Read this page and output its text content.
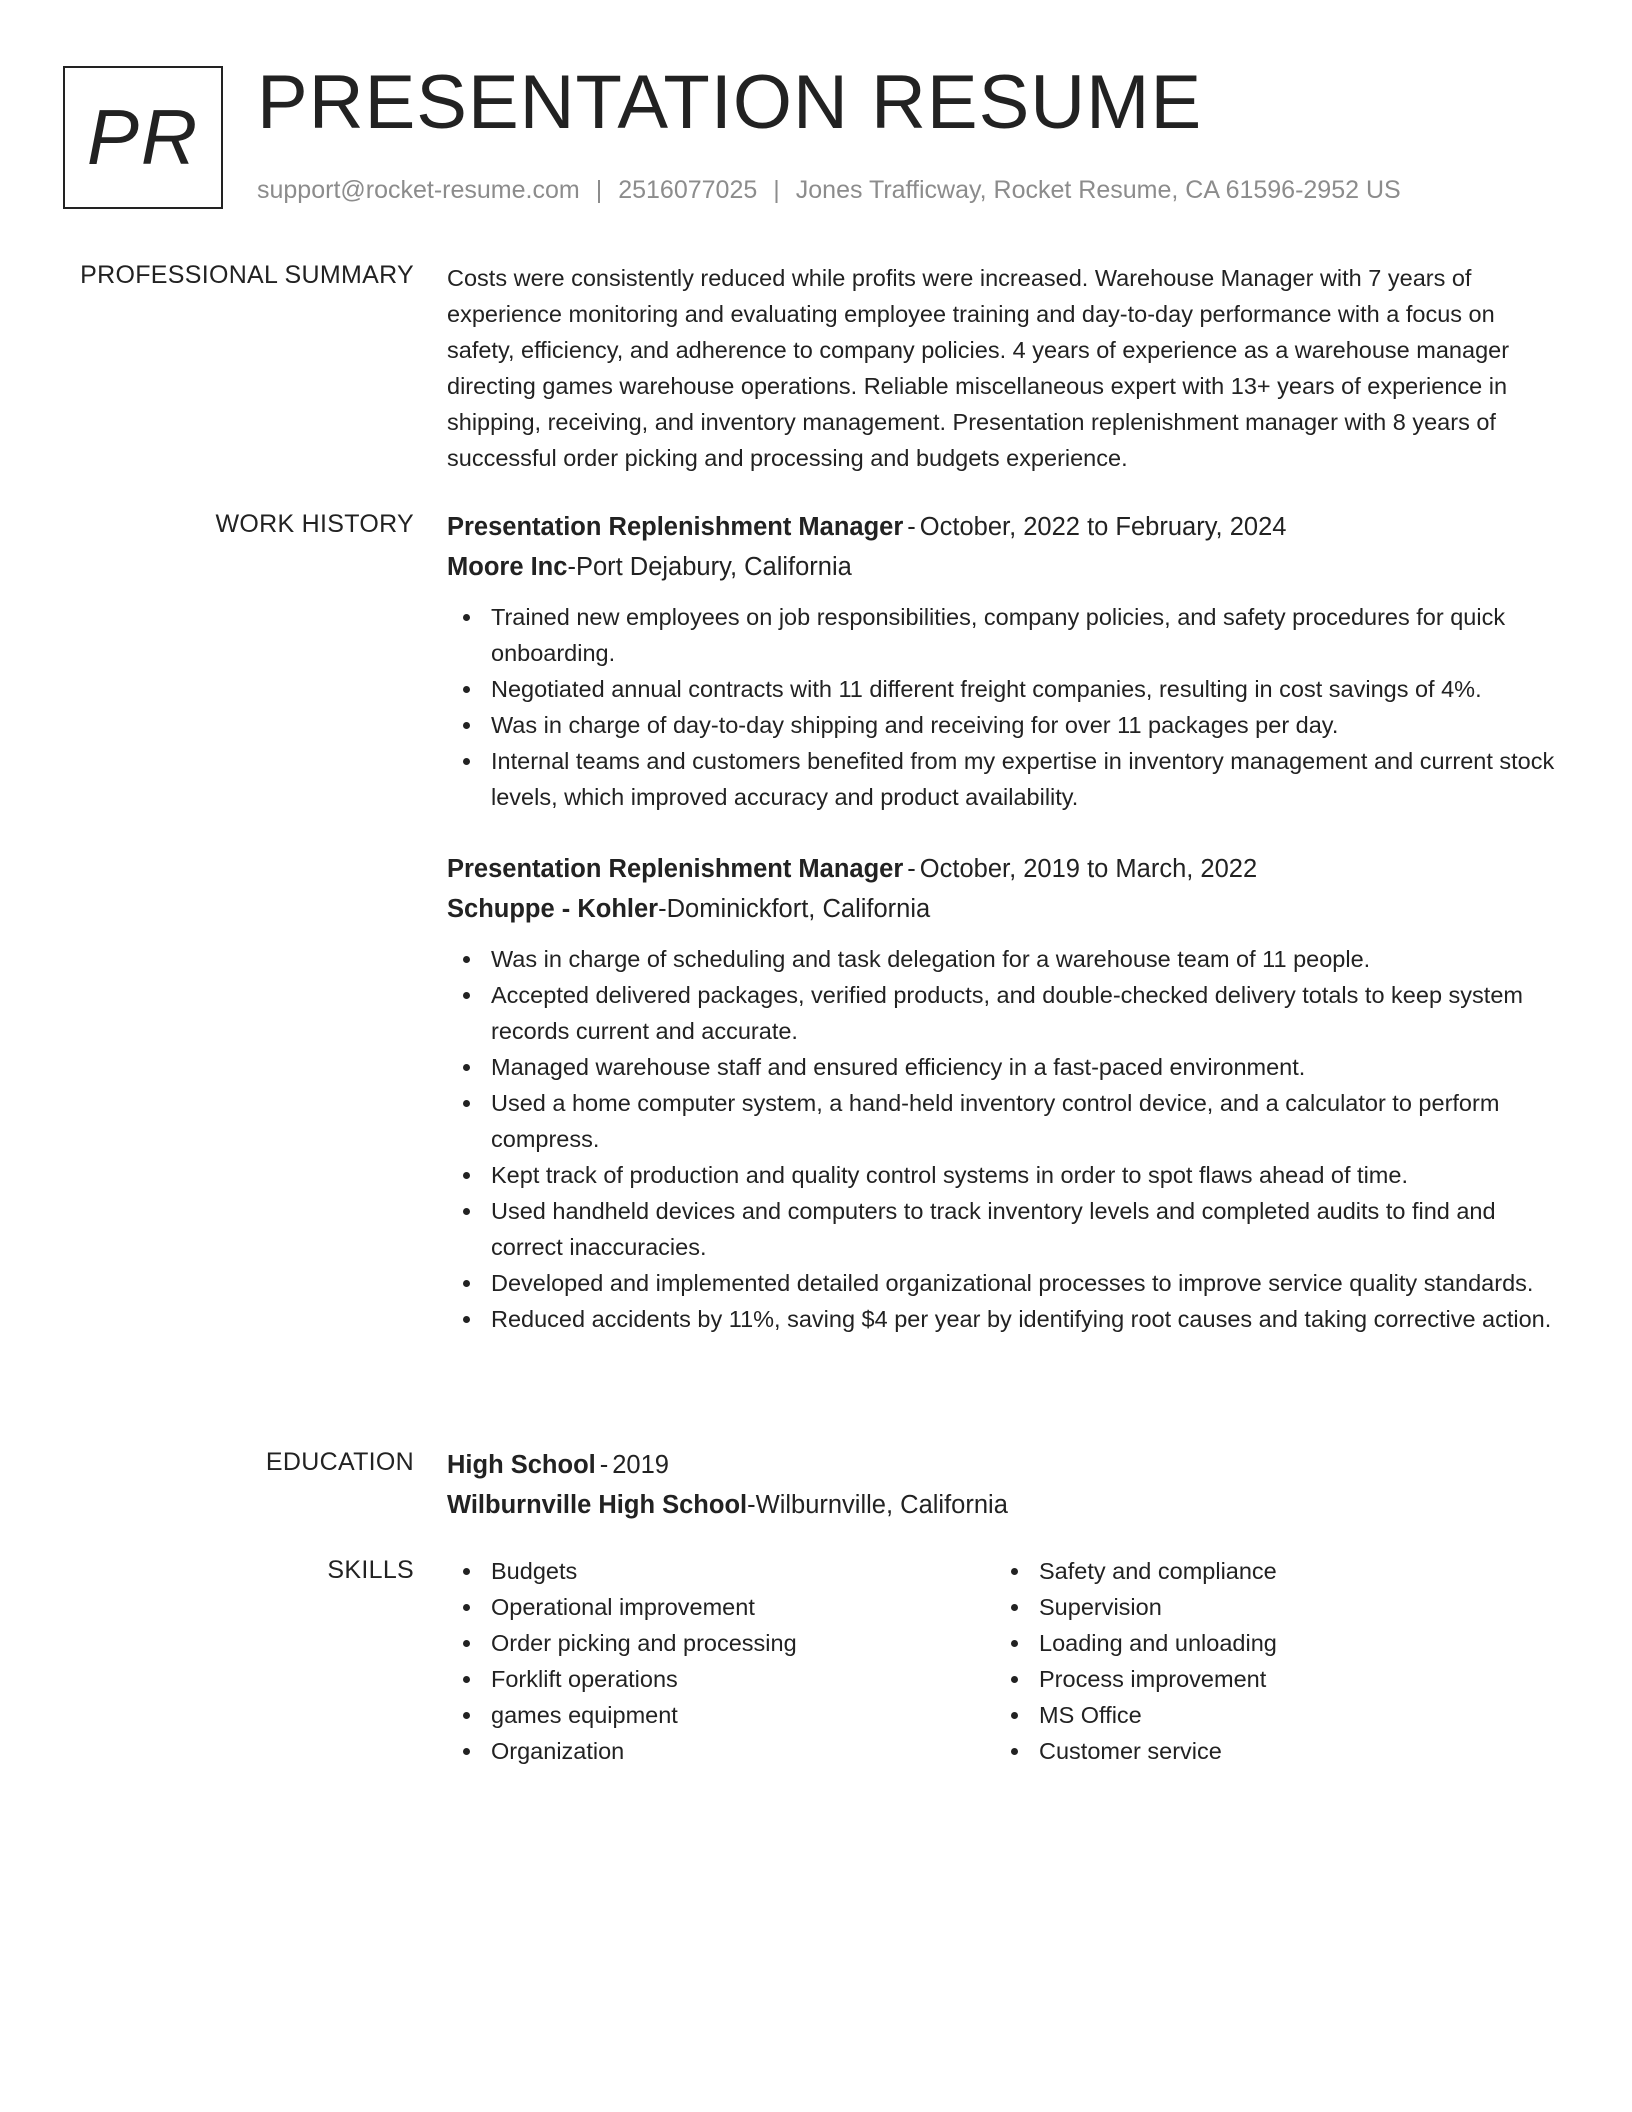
PR PRESENTATION RESUME
support@rocket-resume.com | 2516077025 | Jones Trafficway, Rocket Resume, CA 61596-2952 US
PROFESSIONAL SUMMARY Costs were consistently reduced while profits were increased. Warehouse Manager with 7 years of experience monitoring and evaluating employee training and day-to-day performance with a focus on safety, efficiency, and adherence to company policies. 4 years of experience as a warehouse manager directing games warehouse operations. Reliable miscellaneous expert with 13+ years of experience in shipping, receiving, and inventory management. Presentation replenishment manager with 8 years of successful order picking and processing and budgets experience.

WORK HISTORY Presentation Replenishment Manager - October, 2022 to February, 2024
Moore Inc-Port Dejabury, California
Trained new employees on job responsibilities, company policies, and safety procedures for quick onboarding.
Negotiated annual contracts with 11 different freight companies, resulting in cost savings of 4%.
Was in charge of day-to-day shipping and receiving for over 11 packages per day.
Internal teams and customers benefited from my expertise in inventory management and current stock levels, which improved accuracy and product availability.
Presentation Replenishment Manager - October, 2019 to March, 2022
Schuppe - Kohler-Dominickfort, California
Was in charge of scheduling and task delegation for a warehouse team of 11 people.
Accepted delivered packages, verified products, and double-checked delivery totals to keep system records current and accurate.
Managed warehouse staff and ensured efficiency in a fast-paced environment.
Used a home computer system, a hand-held inventory control device, and a calculator to perform compress.
Kept track of production and quality control systems in order to spot flaws ahead of time.
Used handheld devices and computers to track inventory levels and completed audits to find and correct inaccuracies.
Developed and implemented detailed organizational processes to improve service quality standards.
Reduced accidents by 11%, saving $4 per year by identifying root causes and taking corrective action.
EDUCATION High School - 2019
Wilburnville High School-Wilburnville, California
SKILLS	Budgets
Operational improvement
Order picking and processing
Forklift operations
games equipment
Organization
Safety and compliance
Supervision
Loading and unloading
Process improvement
MS Office
Customer service
